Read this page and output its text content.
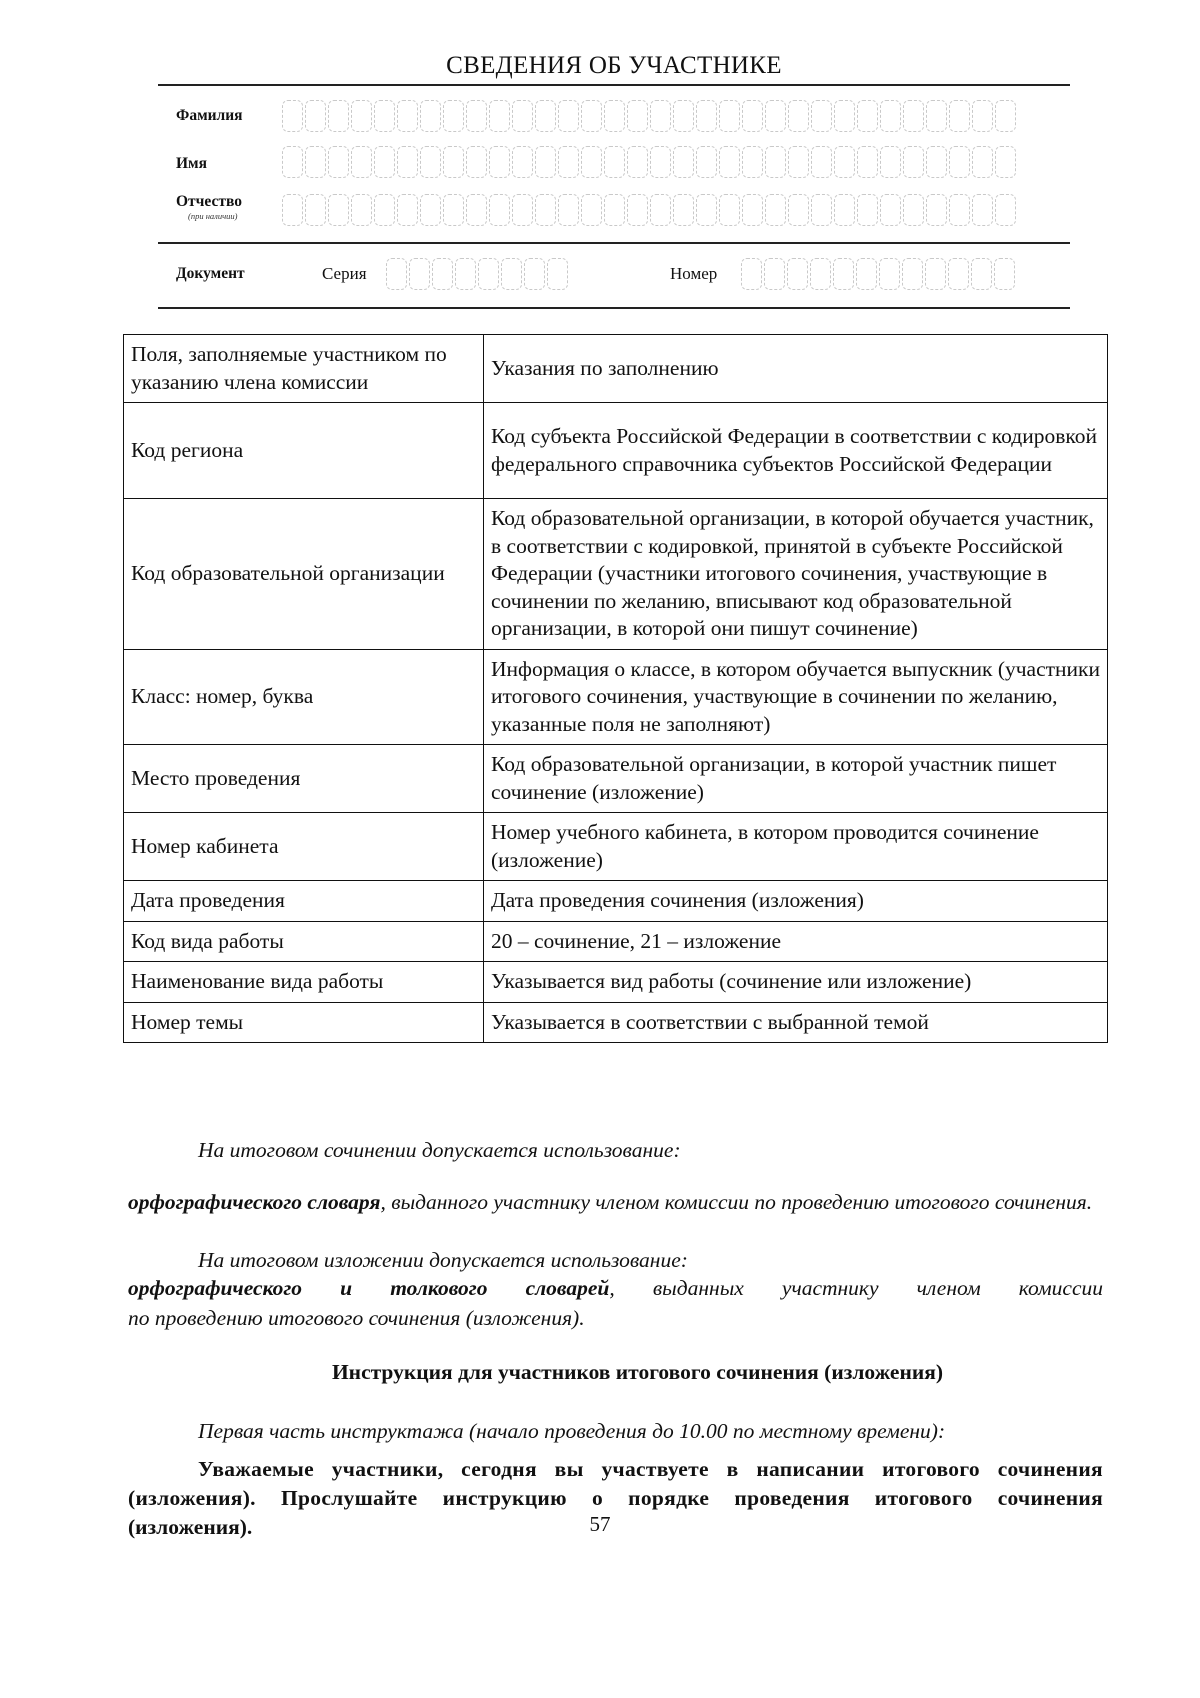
СВЕДЕНИЯ ОБ УЧАСТНИКЕ
Фамилия
Имя
Отчество
(при наличии)
Документ	Серия	Номер
Поля, заполняемые участником по указанию члена комиссии	Указания по заполнению
Код региона	Код субъекта Российской Федерации в соответствии с кодировкой федерального справочника субъектов Российской Федерации
Код образовательной организации	Код образовательной организации, в которой обучается участник, в соответствии с кодировкой, принятой в субъекте Российской Федерации (участники итогового сочинения, участвующие в сочинении по желанию, вписывают код образовательной организации, в которой они пишут сочинение)
Класс: номер, буква	Информация о классе, в котором обучается выпускник (участники итогового сочинения, участвующие в сочинении по желанию, указанные поля не заполняют)
Место проведения	Код образовательной организации, в которой участник пишет сочинение (изложение)
Номер кабинета	Номер учебного кабинета, в котором проводится сочинение (изложение)
Дата проведения	Дата проведения сочинения (изложения)
Код вида работы	20 – сочинение, 21 – изложение
Наименование вида работы	Указывается вид работы (сочинение или изложение)
Номер темы	Указывается в соответствии с выбранной темой
На итоговом сочинении допускается использование:
орфографического словаря, выданного участнику членом комиссии по проведению итогового сочинения.
На итоговом изложении допускается использование:
орфографического и толкового словарей, выданных участнику членом комиссии
по проведению итогового сочинения (изложения).
Инструкция для участников итогового сочинения (изложения)
Первая часть инструктажа (начало проведения до 10.00 по местному времени):
Уважаемые участники, сегодня вы участвуете в написании итогового сочинения
(изложения). Прослушайте инструкцию о порядке проведения итогового сочинения
(изложения).	57
